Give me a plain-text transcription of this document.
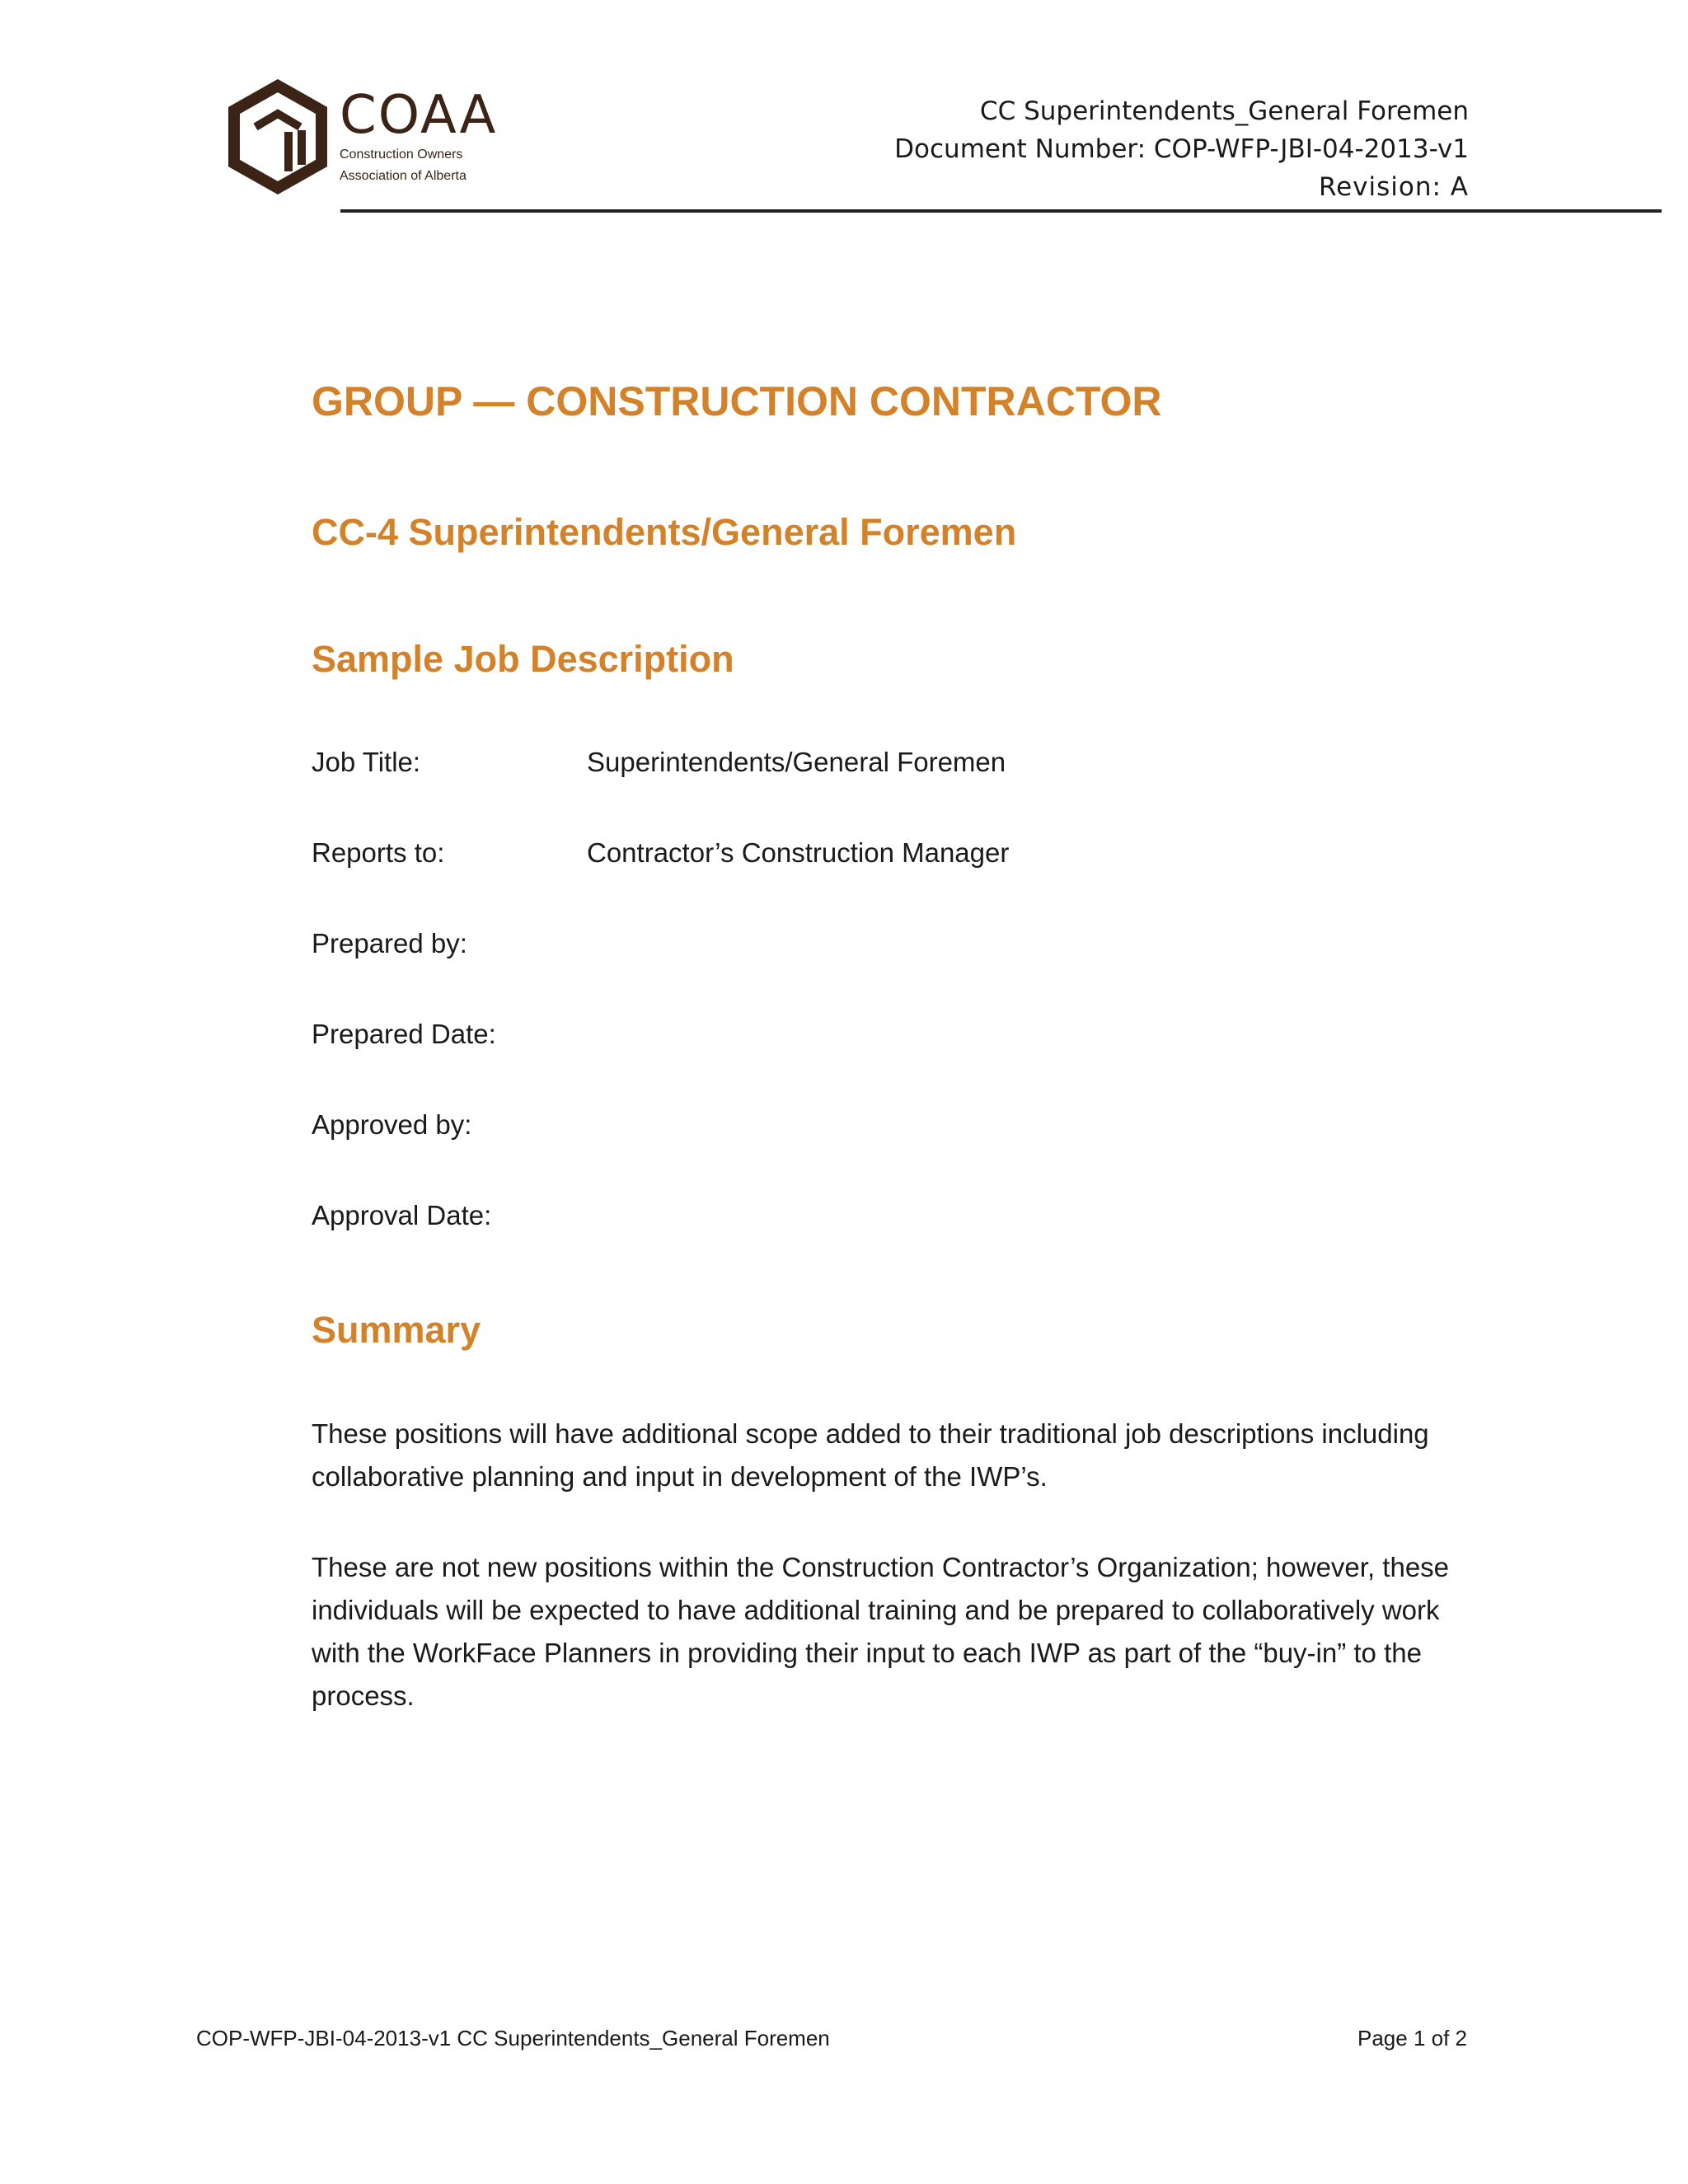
COAA
Construction Owners
Association of Alberta
CC Superintendents_General Foremen
Document Number: COP-WFP-JBI-04-2013-v1
Revision: A
GROUP — CONSTRUCTION CONTRACTOR
CC-4 Superintendents/General Foremen
Sample Job Description
Job Title:	Superintendents/General Foremen
Reports to:	Contractor’s Construction Manager
Prepared by:
Prepared Date:
Approved by:
Approval Date:
Summary

These positions will have additional scope added to their traditional job descriptions including collaborative planning and input in development of the IWP’s.

These are not new positions within the Construction Contractor’s Organization; however, these individuals will be expected to have additional training and be prepared to collaboratively work with the WorkFace Planners in providing their input to each IWP as part of the “buy-in” to the process.

COP-WFP-JBI-04-2013-v1 CC Superintendents_General Foremen	Page 1 of 2
